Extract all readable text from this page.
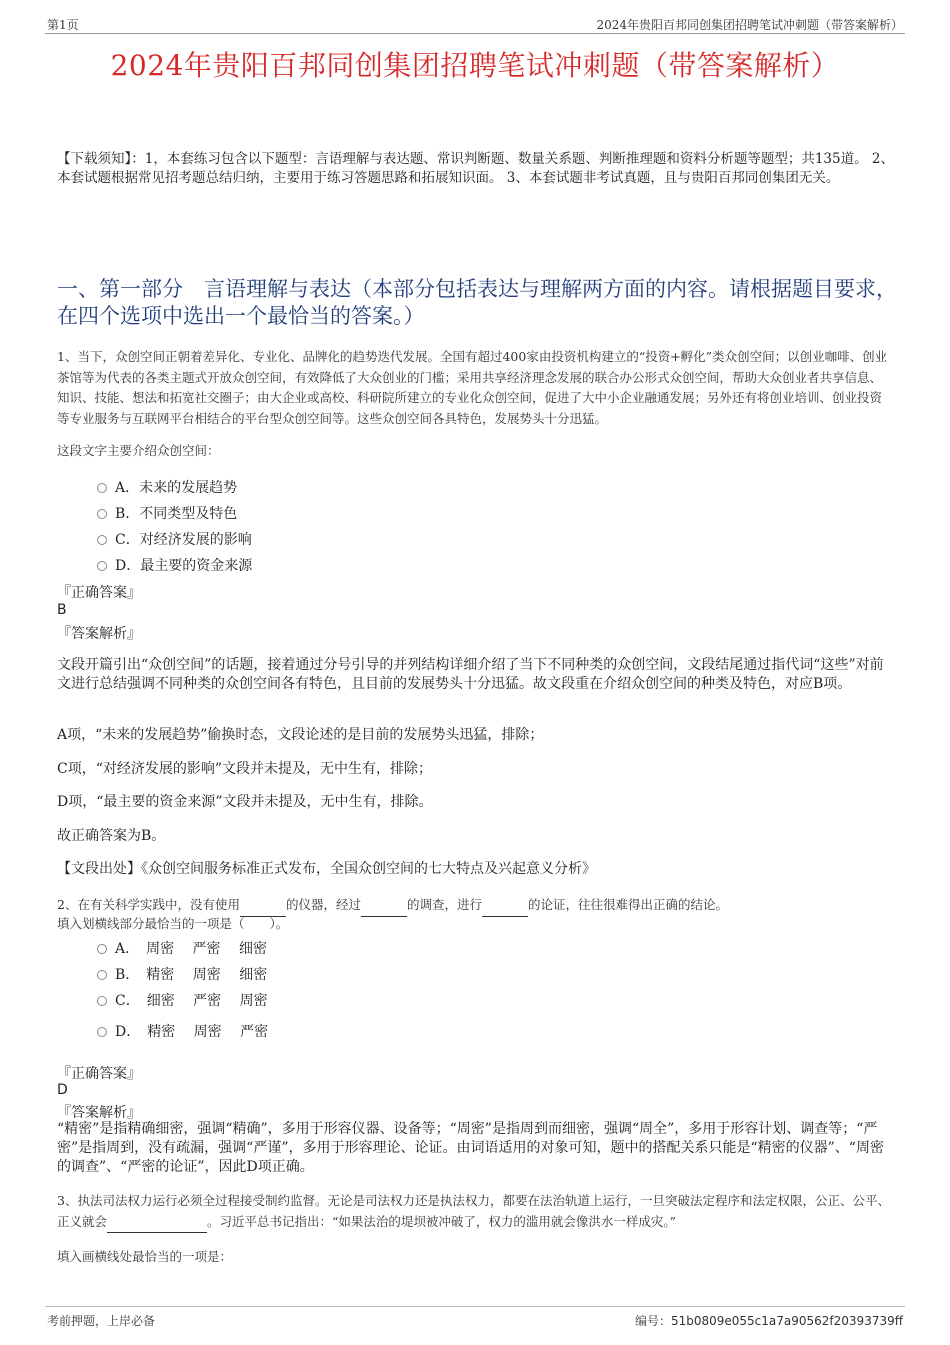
第1页	2024年贵阳百邦同创集团招聘笔试冲刺题（带答案解析）
2024年贵阳百邦同创集团招聘笔试冲刺题（带答案解析）
【下载须知】：1，本套练习包含以下题型：言语理解与表达题、常识判断题、数量关系题、判断推理题和资料分析题等题型；共135道。 2、本套试题根据常见招考题总结归纳，主要用于练习答题思路和拓展知识面。 3、本套试题非考试真题，且与贵阳百邦同创集团无关。
一、第一部分　言语理解与表达（本部分包括表达与理解两方面的内容。请根据题目要求，在四个选项中选出一个最恰当的答案。）
1、当下，众创空间正朝着差异化、专业化、品牌化的趋势迭代发展。全国有超过400家由投资机构建立的“投资+孵化”类众创空间；以创业咖啡、创业茶馆等为代表的各类主题式开放众创空间，有效降低了大众创业的门槛；采用共享经济理念发展的联合办公形式众创空间，帮助大众创业者共享信息、知识、技能、想法和拓宽社交圈子；由大企业或高校、科研院所建立的专业化众创空间，促进了大中小企业融通发展；另外还有将创业培训、创业投资等专业服务与互联网平台相结合的平台型众创空间等。这些众创空间各具特色，发展势头十分迅猛。
这段文字主要介绍众创空间：
A．未来的发展趋势
B．不同类型及特色
C．对经济发展的影响
D．最主要的资金来源
『正确答案』
B
『答案解析』
文段开篇引出“众创空间”的话题，接着通过分号引导的并列结构详细介绍了当下不同种类的众创空间，文段结尾通过指代词“这些”对前文进行总结强调不同种类的众创空间各有特色，且目前的发展势头十分迅猛。故文段重在介绍众创空间的种类及特色，对应B项。
A项，“未来的发展趋势”偷换时态，文段论述的是目前的发展势头迅猛，排除；
C项，“对经济发展的影响”文段并未提及，无中生有，排除；
D项，“最主要的资金来源”文段并未提及，无中生有，排除。
故正确答案为B。
【文段出处】《众创空间服务标准正式发布，全国众创空间的七大特点及兴起意义分析》
2、在有关科学实践中，没有使用	的仪器，经过	的调查，进行	的论证，往往很难得出正确的结论。
填入划横线部分最恰当的一项是（　　）。
A．　周密　 严密　 细密
B．　精密　 周密　 细密
C．　细密　 严密　 周密
D．　精密　 周密　 严密
『正确答案』
D
『答案解析』
“精密”是指精确细密，强调“精确”，多用于形容仪器、设备等；“周密”是指周到而细密，强调“周全”，多用于形容计划、调查等；“严密”是指周到，没有疏漏，强调“严谨”，多用于形容理论、论证。由词语适用的对象可知，题中的搭配关系只能是“精密的仪器”、“周密的调查”、“严密的论证”，因此D项正确。
3、执法司法权力运行必须全过程接受制约监督。无论是司法权力还是执法权力，都要在法治轨道上运行，一旦突破法定程序和法定权限，公正、公平、正义就会	。习近平总书记指出：“如果法治的堤坝被冲破了，权力的滥用就会像洪水一样成灾。”
填入画横线处最恰当的一项是：
考前押题，上岸必备	编号：51b0809e055c1a7a90562f20393739ff
